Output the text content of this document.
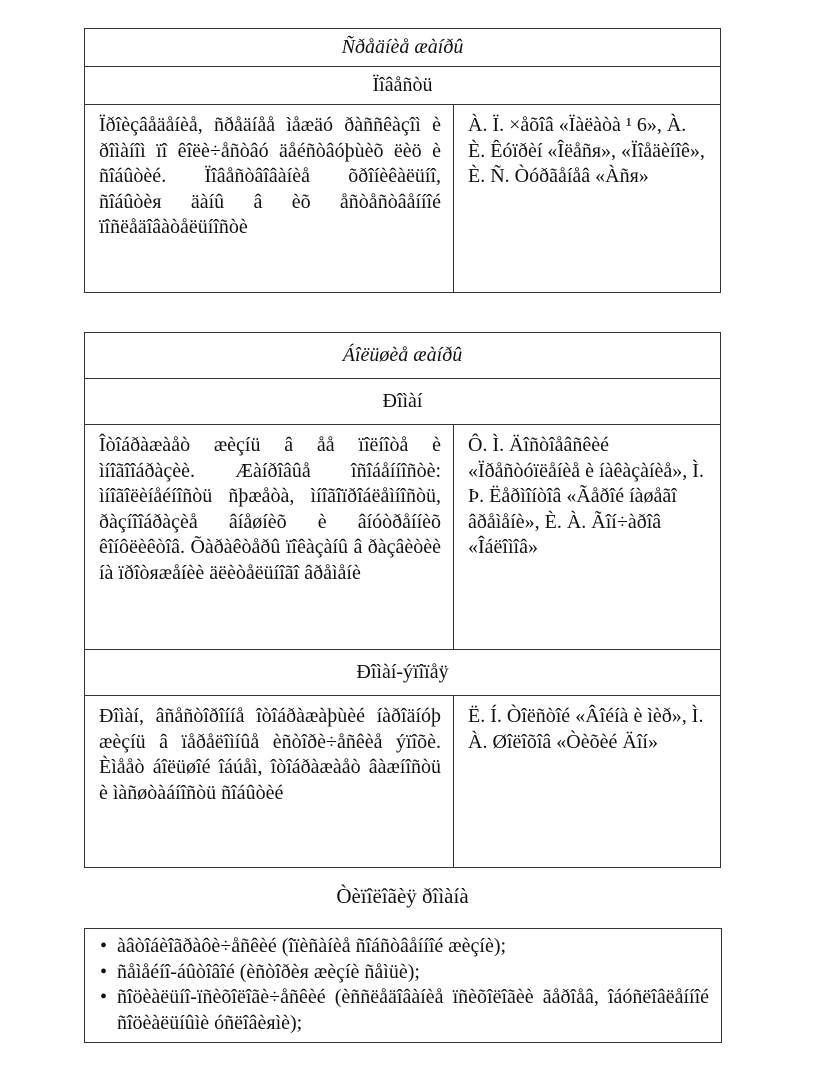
Ñðåäíèå æàíðû
Ïîâåñòü
Ïðîèçâåäåíèå, ñðåäíåå ìåæäó ðàññêàçîì è ðîìàíîì ïî êîëè÷åñòâó äåéñòâóþùèõ ëèö è ñîáûòèé. Ïîâåñòâîâàíèå õðîíèêàëüíî, ñîáûòèя äàíû â èõ åñòåñòâåííîé ïîñëåäîâàòåëüíîñòè	À. Ï. ×åõîâ «Ïàëàòà ¹ 6», À. È. Êóïðèí «Îëåñя», «Ïîåäèíîê», È. Ñ. Òóðãåíåâ «Àñя»
Áîëüøèå æàíðû	
Ðîìàí	
Îòîáðàæàåò æèçíü â åå ïîëíîòå è ìíîãîîáðàçèè. Æàíðîâûå îñîáåííîñòè: ìíîãîëèíåéíîñòü ñþæåòà, ìíîãîïðîáëåìíîñòü, ðàçíîîáðàçèå âíåøíèõ è âíóòðåííèõ êîíôëèêòîâ. Õàðàêòåðû ïîêàçàíû â ðàçâèòèè íà ïðîòяæåíèè äëèòåëüíîãî âðåìåíè	Ô. Ì. Äîñòîåâñêèé «Ïðåñòóïëåíèå è íàêàçàíèå», Ì. Þ. Ëåðìîíòîâ «Ãåðîé íàøåãî âðåìåíè», È. À. Ãîí÷àðîâ «Îáëîìîâ»
Ðîìàí-ýïîïåÿ	
Ðîìàí, âñåñòîðîííå îòîáðàæàþùèé íàðîäíóþ æèçíü â ïåðåëîìíûå èñòîðè÷åñêèå ýïîõè. Èìååò áîëüøîé îáúåì, îòîáðàæàåò âàæíîñòü è ìàñøòàáíîñòü ñîáûòèé	Ë. Í. Òîëñòîé «Âîéíà è ìèð», Ì. À. Øîëîõîâ «Òèõèé Äîí»
Òèïîëîãèÿ ðîìàíà
• àâòîáèîãðàôè÷åñêèé (îïèñàíèå ñîáñòâåííîé æèçíè);
• ñåìåéíî-áûòîâîé (èñòîðèя æèçíè ñåìüè);
• ñîöèàëüíî-ïñèõîëîãè÷åñêèé (èññëåäîâàíèå ïñèõîëîãèè ãåðîåâ, îáóñëîâëåííîé ñîöèàëüíûìè óñëîâèяìè);
